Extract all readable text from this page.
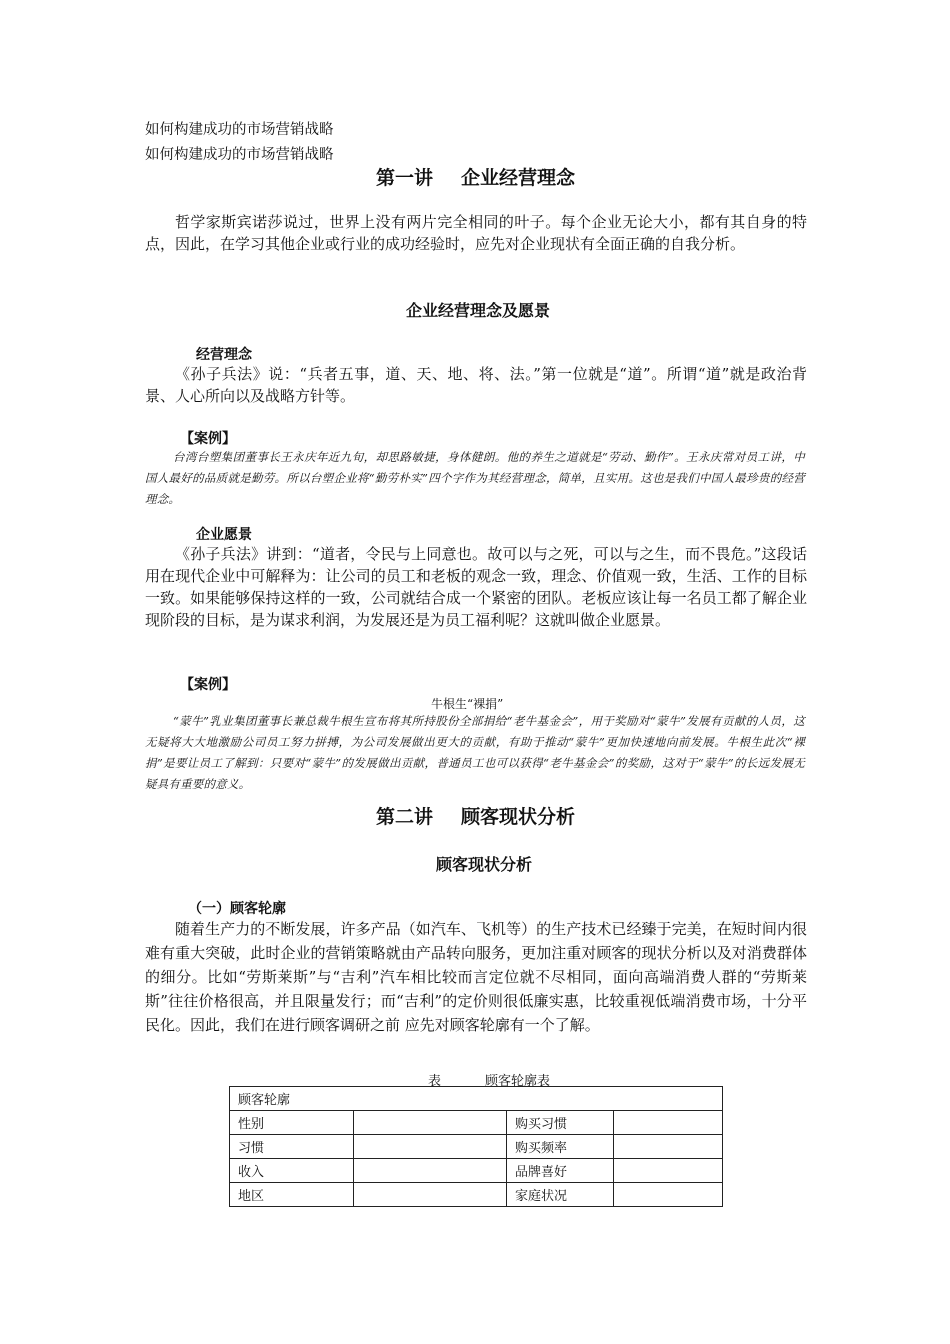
如何构建成功的市场营销战略
如何构建成功的市场营销战略
第一讲 企业经营理念
哲学家斯宾诺莎说过，世界上没有两片完全相同的叶子。每个企业无论大小，都有其自身的特点，因此，在学习其他企业或行业的成功经验时，应先对企业现状有全面正确的自我分析。
企业经营理念及愿景
经营理念
《孙子兵法》说：“兵者五事，道、天、地、将、法。”第一位就是“道”。所谓“道”就是政治背景、人心所向以及战略方针等。
【案例】
台湾台塑集团董事长王永庆年近九旬，却思路敏捷，身体健朗。他的养生之道就是“劳动、勤作”。王永庆常对员工讲，中国人最好的品质就是勤劳。所以台塑企业将“勤劳朴实”四个字作为其经营理念，简单，且实用。这也是我们中国人最珍贵的经营理念。
企业愿景
《孙子兵法》讲到：“道者，令民与上同意也。故可以与之死，可以与之生，而不畏危。”这段话用在现代企业中可解释为：让公司的员工和老板的观念一致，理念、价值观一致，生活、工作的目标一致。如果能够保持这样的一致，公司就结合成一个紧密的团队。老板应该让每一名员工都了解企业现阶段的目标，是为谋求利润，为发展还是为员工福利呢？这就叫做企业愿景。
【案例】
牛根生“裸捐”
“蒙牛”乳业集团董事长兼总裁牛根生宣布将其所持股份全部捐给“老牛基金会”，用于奖励对“蒙牛”发展有贡献的人员，这无疑将大大地激励公司员工努力拼搏，为公司发展做出更大的贡献，有助于推动“蒙牛”更加快速地向前发展。牛根生此次“裸捐”是要让员工了解到：只要对“蒙牛”的发展做出贡献，普通员工也可以获得“老牛基金会”的奖励，这对于“蒙牛”的长远发展无疑具有重要的意义。
第二讲 顾客现状分析
顾客现状分析
（一）顾客轮廓
随着生产力的不断发展，许多产品（如汽车、飞机等）的生产技术已经臻于完美，在短时间内很难有重大突破，此时企业的营销策略就由产品转向服务，更加注重对顾客的现状分析以及对消费群体的细分。比如“劳斯莱斯”与“吉利”汽车相比较而言定位就不尽相同，面向高端消费人群的“劳斯莱斯”往往价格很高，并且限量发行；而“吉利”的定价则很低廉实惠，比较重视低端消费市场，十分平民化。因此，我们在进行顾客调研之前 应先对顾客轮廓有一个了解。
表	顾客轮廓表
顾客轮廓			
性别		购买习惯	
习惯		购买频率	
收入		品牌喜好	
地区		家庭状况	
